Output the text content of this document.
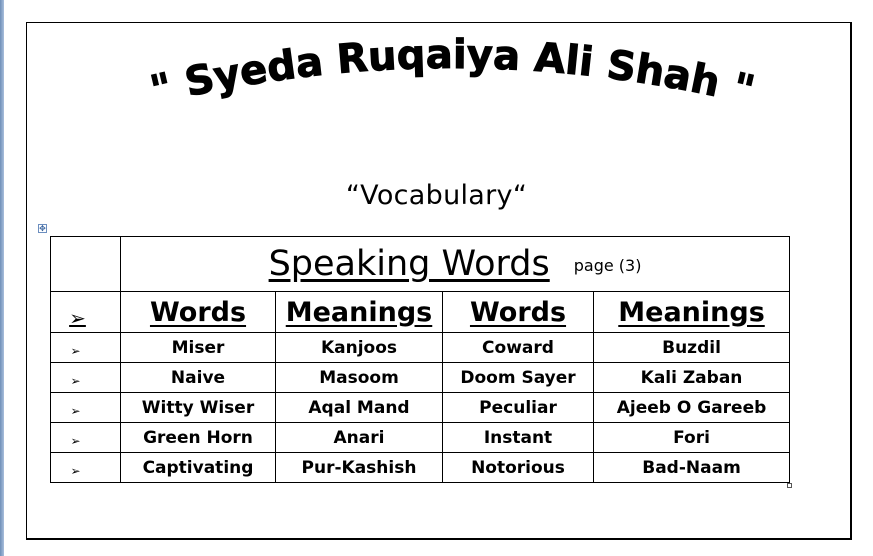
" Syeda Ruqaiya Ali Shah "
“Vocabulary“
✥
	Speaking Words page (3)			
➢	Words	Meanings	Words	Meanings
➢	Miser	Kanjoos	Coward	Buzdil
➢	Naive	Masoom	Doom Sayer	Kali Zaban
➢	Witty Wiser	Aqal Mand	Peculiar	Ajeeb O Gareeb
➢	Green Horn	Anari	Instant	Fori
➢	Captivating	Pur-Kashish	Notorious	Bad-Naam
